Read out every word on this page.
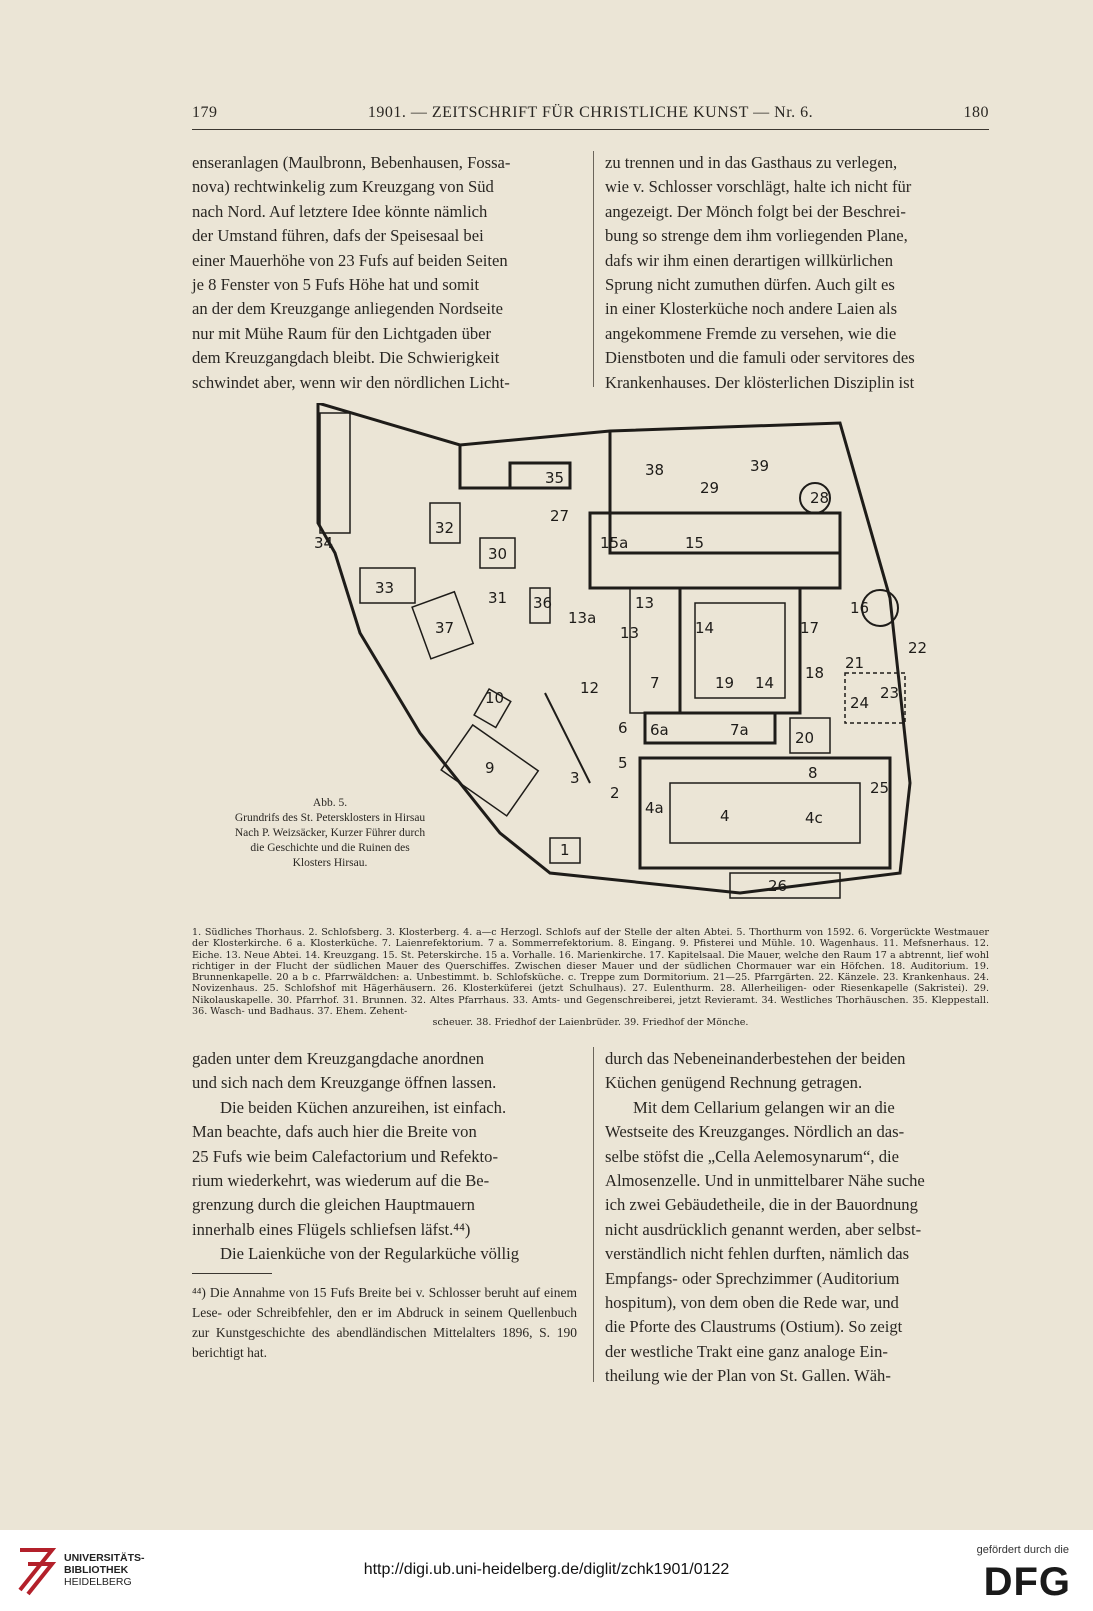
179	1901. — ZEITSCHRIFT FÜR CHRISTLICHE KUNST — Nr. 6.	180

enseranlagen (Maulbronn, Bebenhausen, Fossa-

nova) rechtwinkelig zum Kreuzgang von Süd

nach Nord. Auf letztere Idee könnte nämlich

der Umstand führen, dafs der Speisesaal bei

einer Mauerhöhe von 23 Fufs auf beiden Seiten

je 8 Fenster von 5 Fufs Höhe hat und somit

an der dem Kreuzgange anliegenden Nordseite

nur mit Mühe Raum für den Lichtgaden über

dem Kreuzgangdach bleibt. Die Schwierigkeit

schwindet aber, wenn wir den nördlichen Licht-

zu trennen und in das Gasthaus zu verlegen,

wie v. Schlosser vorschlägt, halte ich nicht für

angezeigt. Der Mönch folgt bei der Beschrei-

bung so strenge dem ihm vorliegenden Plane,

dafs wir ihm einen derartigen willkürlichen

Sprung nicht zumuthen dürfen. Auch gilt es

in einer Klosterküche noch andere Laien als

angekommene Fremde zu versehen, wie die

Dienstboten und die famuli oder servitores des

Krankenhauses. Der klösterlichen Disziplin ist

35	38	39
27
29
28
32
30
34	15a	15
33
36
31
37
13a
13
13
16
14	17
21
18
10
12	19 14
22
23
24
8
6 6a	7a	20
7
9
3
5
2	25
4a	4	4c
1
26
Abb. 5.
Grundrifs des St. Petersklosters in Hirsau
Nach P. Weizsäcker, Kurzer Führer durch
die Geschichte und die Ruinen des
Klosters Hirsau.
1. Südliches Thorhaus. 2. Schlofsberg. 3. Klosterberg. 4. a—c Herzogl. Schlofs auf der Stelle der alten Abtei. 5. Thorthurm von 1592. 6. Vorgerückte Westmauer der Klosterkirche. 6 a. Klosterküche. 7. Laienrefektorium. 7 a. Sommerrefektorium. 8. Eingang. 9. Pfisterei und Mühle. 10. Wagenhaus. 11. Mefsnerhaus. 12. Eiche. 13. Neue Abtei. 14. Kreuzgang. 15. St. Peterskirche. 15 a. Vorhalle. 16. Marienkirche. 17. Kapitelsaal. Die Mauer, welche den Raum 17 a abtrennt, lief wohl richtiger in der Flucht der südlichen Mauer des Querschiffes. Zwischen dieser Mauer und der südlichen Chormauer war ein Höfchen. 18. Auditorium. 19. Brunnenkapelle. 20 a b c. Pfarrwäldchen: a. Unbestimmt. b. Schlofsküche. c. Treppe zum Dormitorium. 21—25. Pfarrgärten. 22. Känzele. 23. Krankenhaus. 24. Novizenhaus. 25. Schlofshof mit Hägerhäusern. 26. Klosterküferei (jetzt Schulhaus). 27. Eulenthurm. 28. Allerheiligen- oder Riesenkapelle (Sakristei). 29. Nikolauskapelle. 30. Pfarrhof. 31. Brunnen. 32. Altes Pfarrhaus. 33. Amts- und Gegenschreiberei, jetzt Revieramt. 34. Westliches Thorhäuschen. 35. Kleppestall. 36. Wasch- und Badhaus. 37. Ehem. Zehent-
scheuer. 38. Friedhof der Laienbrüder. 39. Friedhof der Mönche.

gaden unter dem Kreuzgangdache anordnen

und sich nach dem Kreuzgange öffnen lassen.

Die beiden Küchen anzureihen, ist einfach.

Man beachte, dafs auch hier die Breite von

25 Fufs wie beim Calefactorium und Refekto-

rium wiederkehrt, was wiederum auf die Be-

grenzung durch die gleichen Hauptmauern

innerhalb eines Flügels schliefsen läfst.⁴⁴)

Die Laienküche von der Regularküche völlig

⁴⁴) Die Annahme von 15 Fufs Breite bei v. Schlosser beruht auf einem Lese- oder Schreibfehler, den er im Abdruck in seinem Quellenbuch zur Kunstgeschichte des abendländischen Mittelalters 1896, S. 190 berichtigt hat.

durch das Nebeneinanderbestehen der beiden

Küchen genügend Rechnung getragen.

Mit dem Cellarium gelangen wir an die

Westseite des Kreuzganges. Nördlich an das-

selbe stöfst die „Cella Aelemosynarum“, die

Almosenzelle. Und in unmittelbarer Nähe suche

ich zwei Gebäudetheile, die in der Bauordnung

nicht ausdrücklich genannt werden, aber selbst-

verständlich nicht fehlen durften, nämlich das

Empfangs- oder Sprechzimmer (Auditorium

hospitum), von dem oben die Rede war, und

die Pforte des Claustrums (Ostium). So zeigt

der westliche Trakt eine ganz analoge Ein-

theilung wie der Plan von St. Gallen. Wäh-

UNIVERSITÄTS-
BIBLIOTHEK
HEIDELBERG
http://digi.ub.uni-heidelberg.de/diglit/zchk1901/0122
gefördert durch die
DFG
